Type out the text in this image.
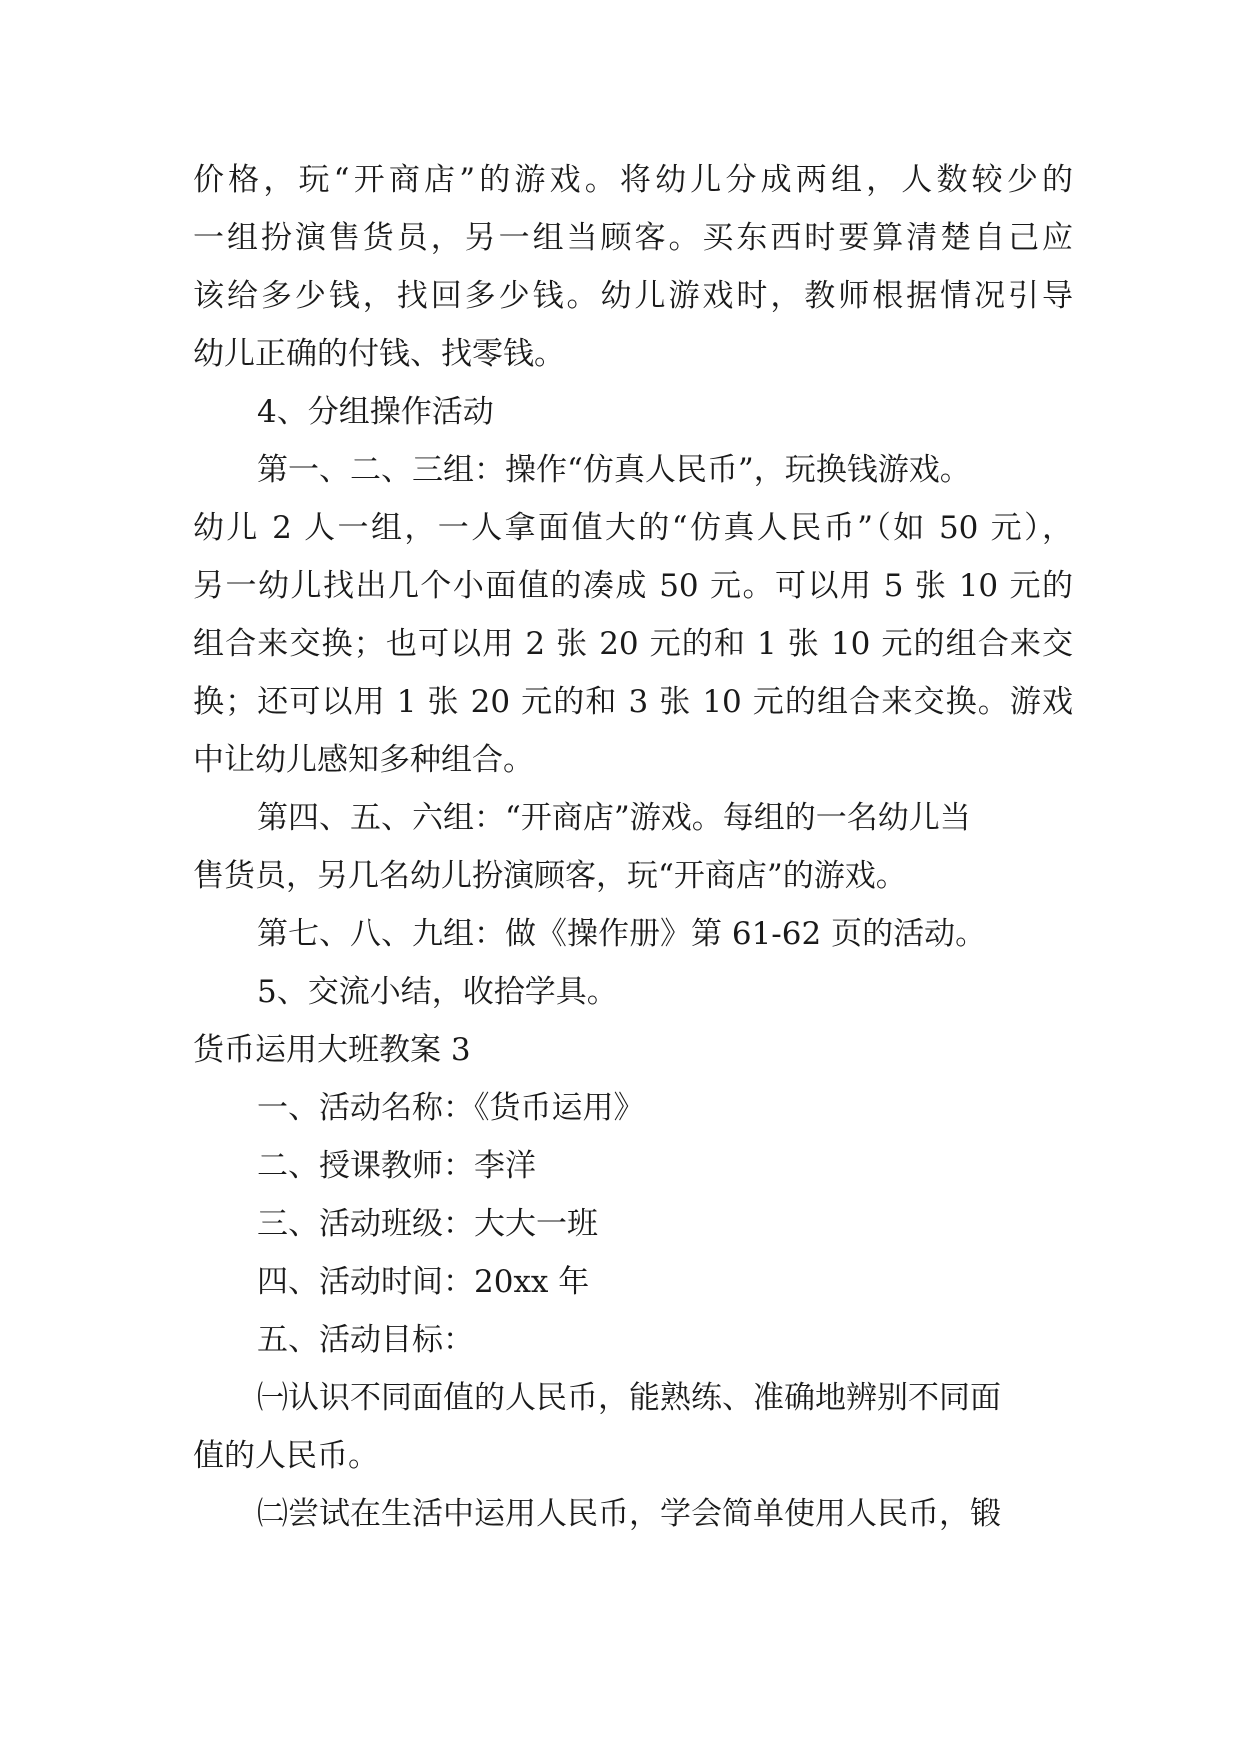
价格，玩“开商店”的游戏。将幼儿分成两组，人数较少的
一组扮演售货员，另一组当顾客。买东西时要算清楚自己应
该给多少钱，找回多少钱。幼儿游戏时，教师根据情况引导
幼儿正确的付钱、找零钱。
4、分组操作活动
第一、二、三组：操作“仿真人民币”，玩换钱游戏。
幼儿 2 人一组，一人拿面值大的“仿真人民币”（如 50 元），
另一幼儿找出几个小面值的凑成 50 元。可以用 5 张 10 元的
组合来交换；也可以用 2 张 20 元的和 1 张 10 元的组合来交
换；还可以用 1 张 20 元的和 3 张 10 元的组合来交换。游戏
中让幼儿感知多种组合。
第四、五、六组：“开商店”游戏。每组的一名幼儿当
售货员，另几名幼儿扮演顾客，玩“开商店”的游戏。
第七、八、九组：做《操作册》第 61-62 页的活动。
5、交流小结，收拾学具。
货币运用大班教案 3
一、活动名称：《货币运用》
二、授课教师：李洋
三、活动班级：大大一班
四、活动时间：20xx 年
五、活动目标：
㈠认识不同面值的人民币，能熟练、准确地辨别不同面
值的人民币。
㈡尝试在生活中运用人民币，学会简单使用人民币，锻
